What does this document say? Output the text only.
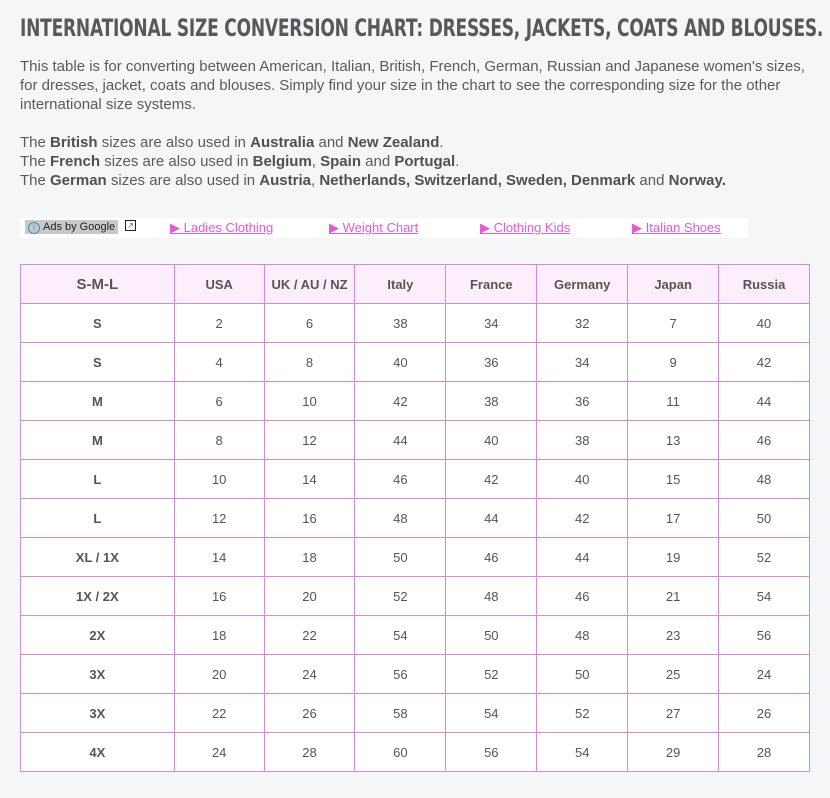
INTERNATIONAL SIZE CONVERSION CHART: DRESSES, JACKETS, COATS AND BLOUSES.

This table is for converting between American, Italian, British, French, German, Russian and Japanese women's sizes, for dresses, jacket, coats and blouses. Simply find your size in the chart to see the corresponding size for the other international size systems.

The British sizes are also used in Australia and New Zealand.
The French sizes are also used in Belgium, Spain and Portugal.
The German sizes are also used in Austria, Netherlands, Switzerland, Sweden, Denmark and Norway.
i Ads by Google	↗	▶ Ladies Clothing	▶ Weight Chart	▶ Clothing Kids	▶ Italian Shoes
S-M-L	USA	UK / AU / NZ	Italy	France	Germany	Japan	Russia
S	2	6	38	34	32	7	40
S	4	8	40	36	34	9	42
M	6	10	42	38	36	11	44
M	8	12	44	40	38	13	46
L	10	14	46	42	40	15	48
L	12	16	48	44	42	17	50
XL / 1X	14	18	50	46	44	19	52
1X / 2X	16	20	52	48	46	21	54
2X	18	22	54	50	48	23	56
3X	20	24	56	52	50	25	24
3X	22	26	58	54	52	27	26
4X	24	28	60	56	54	29	28
